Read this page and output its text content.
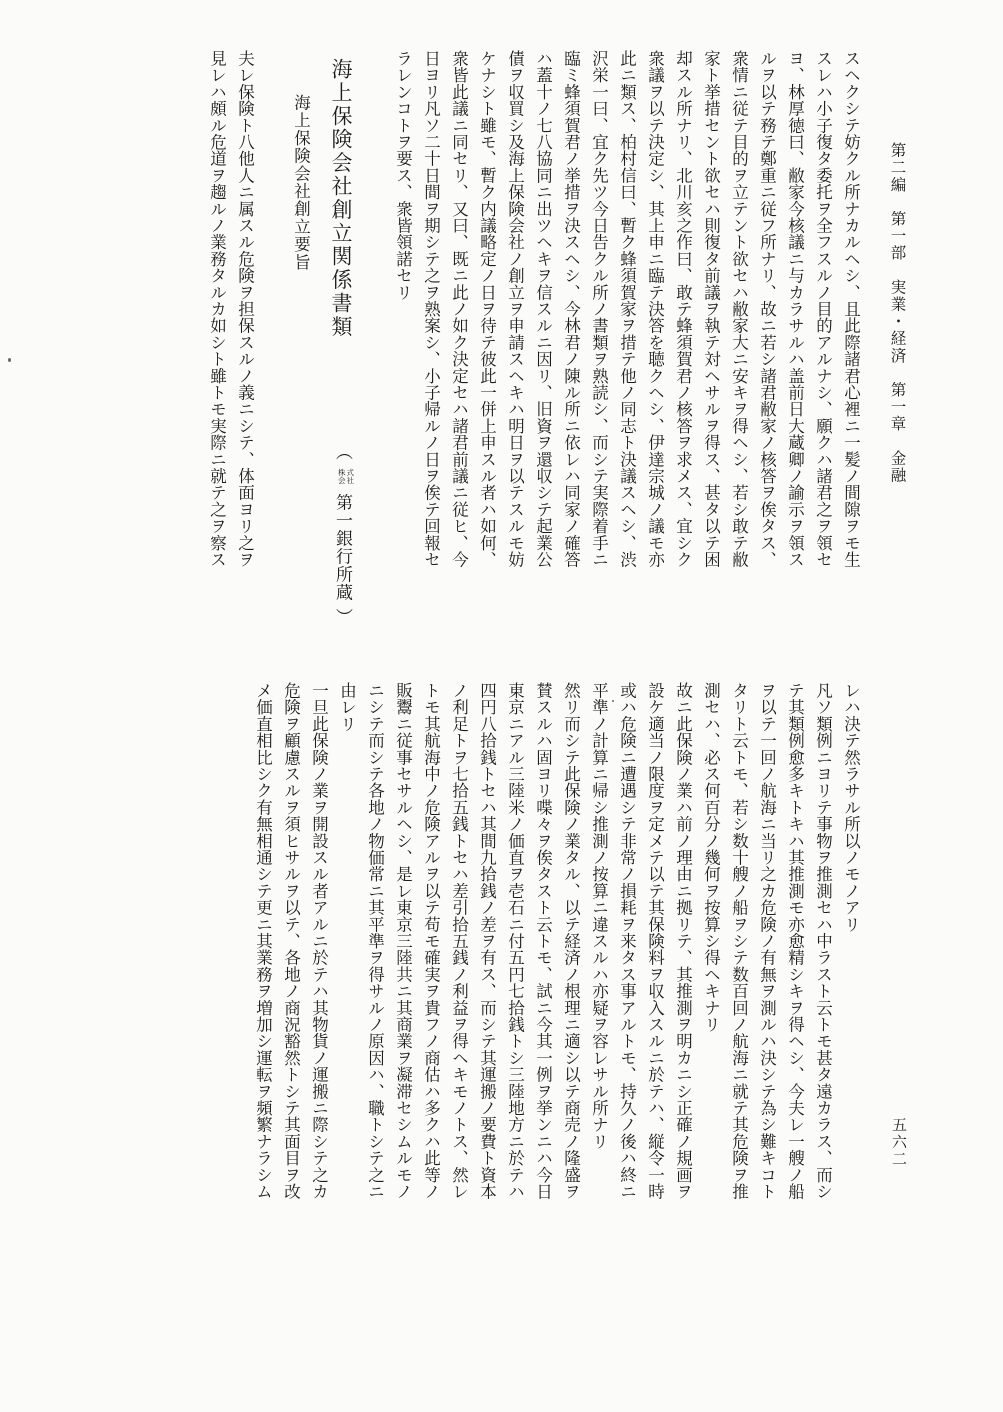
第二編　第一部　実業・経済　第一章　金融
五六二
スヘクシテ妨クル所ナカルヘシ、且此際諸君心裡ニ一髪ノ間隙ヲモ生
スレハ小子復タ委托ヲ全フスルノ目的アルナシ、願クハ諸君之ヲ領セ
ヨ、林厚徳曰、敝家今核議ニ与カラサルハ盖前日大蔵卿ノ諭示ヲ領ス
ルヲ以テ務テ鄭重ニ従フ所ナリ、故ニ若シ諸君敝家ノ核答ヲ俟タス、
衆情ニ従テ目的ヲ立テント欲セハ敝家大ニ安キヲ得ヘシ、若シ敢テ敝
家ト挙措セント欲セハ則復タ前議ヲ執テ対ヘサルヲ得ス、甚タ以テ困
却スル所ナリ、北川亥之作曰、敢テ蜂須賀君ノ核答ヲ求メス、宜シク
衆議ヲ以テ決定シ、其上申ニ臨テ決答を聴クヘシ、伊達宗城ノ議モ亦
此ニ類ス、柏村信曰、暫ク蜂須賀家ヲ措テ他ノ同志ト決議スヘシ、渋
沢栄一曰、宜ク先ツ今日告クル所ノ書類ヲ熟読シ、而シテ実際着手ニ
臨ミ蜂須賀君ノ挙措ヲ決スヘシ、今林君ノ陳ル所ニ依レハ同家ノ確答
ハ蓋十ノ七八協同ニ出ツヘキヲ信スルニ因リ、旧資ヲ還収シテ起業公
債ヲ収買シ及海上保険会社ノ創立ヲ申請スヘキハ明日ヲ以テスルモ妨
ケナシト雖モ、暫ク内議略定ノ日ヲ待テ彼此一併上申スル者ハ如何、
衆皆此議ニ同セリ、又曰、既ニ此ノ如ク決定セハ諸君前議ニ従ヒ、今
日ヨリ凡ソ二十日間ヲ期シテ之ヲ熟案シ、小子帰ルノ日ヲ俟テ回報セ
ラレンコトヲ要ス、衆皆領諾セリ
海上保険会社創立関係書類
（
株式
会社
第一銀行所蔵 ）
海上保険会社創立要旨
夫レ保険ト八他人ニ属スル危険ヲ担保スルノ義ニシテ、体面ヨリ之ヲ
見レハ頗ル危道ヲ趨ルノ業務タルカ如シト雖トモ実際ニ就テ之ヲ察ス
レハ決テ然ラサル所以ノモノアリ
凡ソ類例ニヨリテ事物ヲ推測セハ中ラスト云トモ甚タ遠カラス、而シ
テ其類例愈多キトキハ其推測モ亦愈精シキヲ得ヘシ、今夫レ一艘ノ船
ヲ以テ一回ノ航海ニ当リ之カ危険ノ有無ヲ測ルハ決シテ為シ難キコト
タリト云トモ、若シ数十艘ノ船ヲシテ数百回ノ航海ニ就テ其危険ヲ推
測セハ、必ス何百分ノ幾何ヲ按算シ得ヘキナリ
故ニ此保険ノ業ハ前ノ理由ニ拠リテ、其推測ヲ明カニシ正確ノ規画ヲ
設ケ適当ノ限度ヲ定メテ以テ其保険料ヲ収入スルニ於テハ、縦令一時
或ハ危険ニ遭遇シテ非常ノ損耗ヲ来タス事アルトモ、持久ノ後ハ終ニ
平準ノ計算ニ帰シ推測ノ按算ニ違スルハ亦疑ヲ容レサル所ナリ
然リ而シテ此保険ノ業タル、以テ経済ノ根理ニ適シ以テ商売ノ隆盛ヲ
賛スルハ固ヨリ喋々ヲ俟タスト云トモ、試ニ今其一例ヲ挙ンニハ今日
東京ニアル三陸米ノ価直ヲ壱石ニ付五円七拾銭トシ三陸地方ニ於テハ
四円八拾銭トセハ其間九拾銭ノ差ヲ有ス、而シテ其運搬ノ要費ト資本
ノ利足トヲ七拾五銭トセハ差引拾五銭ノ利益ヲ得ヘキモノトス、然レ
トモ其航海中ノ危険アルヲ以テ苟モ確実ヲ貴フノ商估ハ多クハ此等ノ
販鬻ニ従事セサルヘシ、是レ東京三陸共ニ其商業ヲ凝滞セシムルモノ
ニシテ而シテ各地ノ物価常ニ其平準ヲ得サルノ原因ハ、職トシテ之ニ
由レリ
一旦此保険ノ業ヲ開設スル者アルニ於テハ其物貨ノ運搬ニ際シテ之カ
危険ヲ顧慮スルヲ須ヒサルヲ以テ、各地ノ商況豁然トシテ其面目ヲ改
メ価直相比シク有無相通シテ更ニ其業務ヲ増加シ運転ヲ頻繁ナラシム
